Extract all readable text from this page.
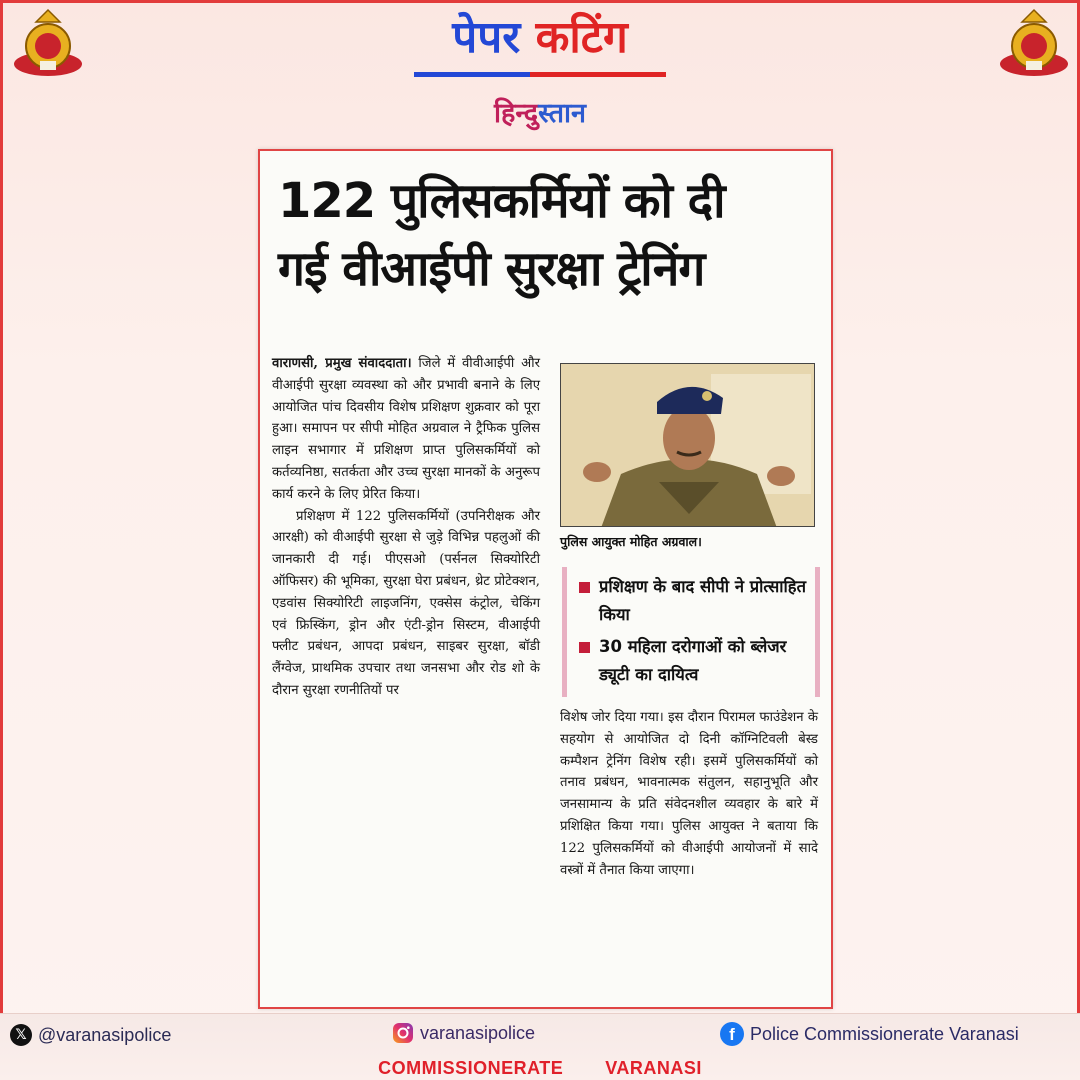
पेपर कटिंग
हिन्दुस्तान
122 पुलिसकर्मियों को दी
गई वीआईपी सुरक्षा ट्रेनिंग

वाराणसी, प्रमुख संवाददाता। जिले में वीवीआईपी और वीआईपी सुरक्षा व्यवस्था को और प्रभावी बनाने के लिए आयोजित पांच दिवसीय विशेष प्रशिक्षण शुक्रवार को पूरा हुआ। समापन पर सीपी मोहित अग्रवाल ने ट्रैफिक पुलिस लाइन सभागार में प्रशिक्षण प्राप्त पुलिसकर्मियों को कर्तव्यनिष्ठा, सतर्कता और उच्च सुरक्षा मानकों के अनुरूप कार्य करने के लिए प्रेरित किया।

प्रशिक्षण में 122 पुलिसकर्मियों (उपनिरीक्षक और आरक्षी) को वीआईपी सुरक्षा से जुड़े विभिन्न पहलुओं की जानकारी दी गई। पीएसओ (पर्सनल सिक्योरिटी ऑफिसर) की भूमिका, सुरक्षा घेरा प्रबंधन, थ्रेट प्रोटेक्शन, एडवांस सिक्योरिटी लाइजनिंग, एक्सेस कंट्रोल, चेकिंग एवं फ्रिस्किंग, ड्रोन और एंटी-ड्रोन सिस्टम, वीआईपी फ्लीट प्रबंधन, आपदा प्रबंधन, साइबर सुरक्षा, बॉडी लैंग्वेज, प्राथमिक उपचार तथा जनसभा और रोड शो के दौरान सुरक्षा रणनीतियों पर

पुलिस आयुक्त मोहित अग्रवाल।
प्रशिक्षण के बाद सीपी ने प्रोत्साहित किया
30 महिला दरोगाओं को ब्लेजर ड्यूटी का दायित्व

विशेष जोर दिया गया। इस दौरान पिरामल फाउंडेशन के सहयोग से आयोजित दो दिनी कॉग्निटिवली बेस्ड कम्पैशन ट्रेनिंग विशेष रही। इसमें पुलिसकर्मियों को तनाव प्रबंधन, भावनात्मक संतुलन, सहानुभूति और जनसामान्य के प्रति संवेदनशील व्यवहार के बारे में प्रशिक्षित किया गया। पुलिस आयुक्त ने बताया कि 122 पुलिसकर्मियों को वीआईपी आयोजनों में सादे वस्त्रों में तैनात किया जाएगा।

𝕏 @varanasipolice	varanasipolice	f Police Commissionerate Varanasi
COMMISSIONERATE VARANASI
